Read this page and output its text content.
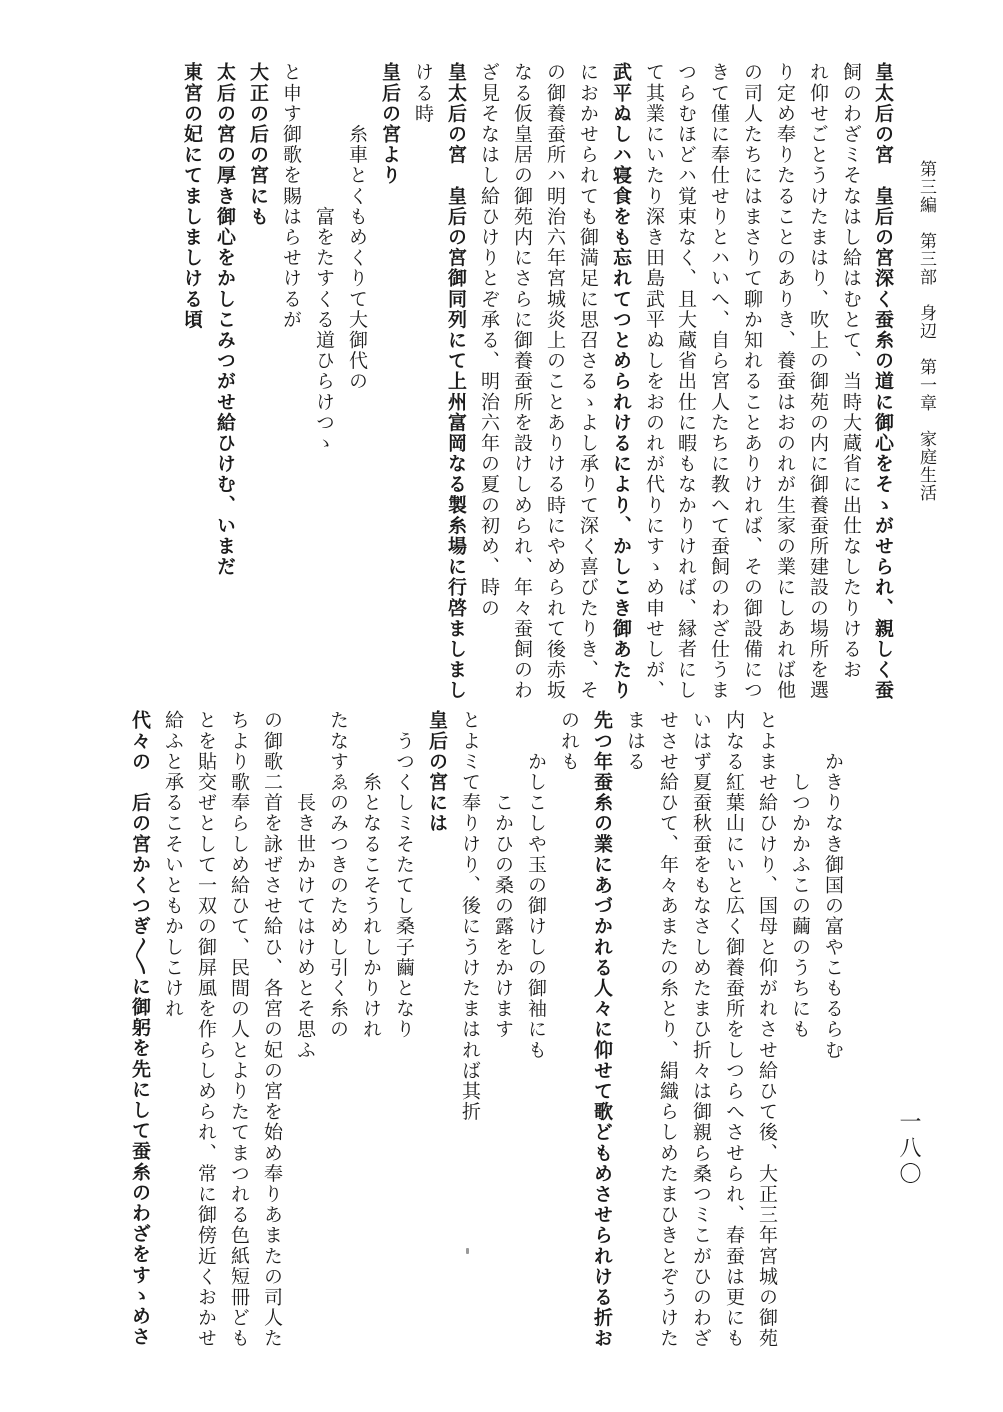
第三編　第三部　身辺　第一章　家庭生活
一八〇
皇太后の宮　皇后の宮深く蚕糸の道に御心をそゝがせられ、親しく蚕
飼のわざミそなはし給はむとて、当時大蔵省に出仕なしたりけるお
れ仰せごとうけたまはり、吹上の御苑の内に御養蚕所建設の場所を選
り定め奉りたることのありき、養蚕はおのれが生家の業にしあれば他
の司人たちにはまさりて聊か知れることありければ、その御設備につ
きて僅に奉仕せりとハいへ、自ら宮人たちに教へて蚕飼のわざ仕うま
つらむほどハ覚束なく、且大蔵省出仕に暇もなかりければ、縁者にし
て其業にいたり深き田島武平ぬしをおのれが代りにすゝめ申せしが、
武平ぬしハ寝食をも忘れてつとめられけるにより、かしこき御あたり
におかせられても御満足に思召さるゝよし承りて深く喜びたりき、そ
の御養蚕所ハ明治六年宮城炎上のことありける時にやめられて後赤坂
なる仮皇居の御苑内にさらに御養蚕所を設けしめられ、年々蚕飼のわ
ざ見そなはし給ひけりとぞ承る、明治六年の夏の初め、時の
皇太后の宮　皇后の宮御同列にて上州富岡なる製糸場に行啓ましまし
ける時
皇后の宮より
　　　糸車とくもめくりて大御代の
　　　　　　　富をたすくる道ひらけつゝ
と申す御歌を賜はらせけるが
大正の后の宮にも
太后の宮の厚き御心をかしこみつがせ給ひけむ、いまだ
東宮の妃にてましましける頃
　　かきりなき御国の富やこもるらむ
　　　しつかかふこの繭のうちにも
とよませ給ひけり、国母と仰がれさせ給ひて後、大正三年宮城の御苑
内なる紅葉山にいと広く御養蚕所をしつらへさせられ、春蚕は更にも
いはず夏蚕秋蚕をもなさしめたまひ折々は御親ら桑つミこがひのわざ
せさせ給ひて、年々あまたの糸とり、絹織らしめたまひきとぞうけた
まはる
先つ年蚕糸の業にあづかれる人々に仰せて歌どもめさせられける折お
のれも
　　かしこしや玉の御けしの御袖にも
　　　　こかひの桑の露をかけます
とよミて奉りけり、後にうけたまはれば其折
皇后の宮には
　うつくしミそたてし桑子繭となり
　　　糸となるこそうれしかりけれ
たなすゑのみつきのためし引く糸の
　　　　長き世かけてはけめとそ思ふ
の御歌二首を詠ぜさせ給ひ、各宮の妃の宮を始め奉りあまたの司人た
ちより歌奉らしめ給ひて、民間の人とよりたてまつれる色紙短冊ども
とを貼交ぜとして一双の御屏風を作らしめられ、常に御傍近くおかせ
給ふと承るこそいともかしこけれ
代々の　后の宮かくつぎ〳〵に御躬を先にして蚕糸のわざをすゝめさ
